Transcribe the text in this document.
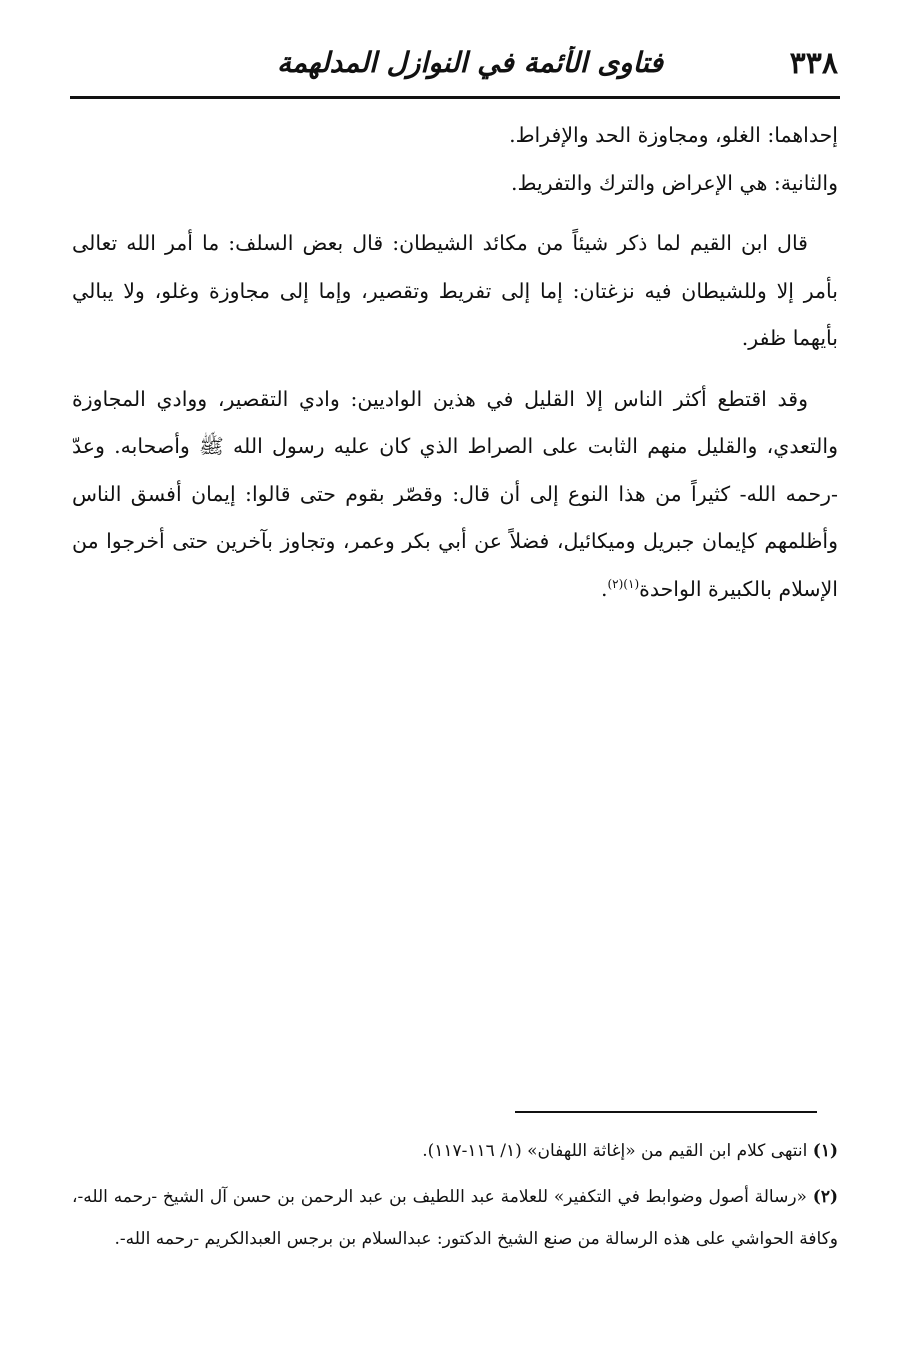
٣٣٨
فتاوى الأئمة في النوازل المدلهمة

إحداهما: الغلو، ومجاوزة الحد والإفراط.

والثانية: هي الإعراض والترك والتفريط.

قال ابن القيم لما ذكر شيئاً من مكائد الشيطان: قال بعض السلف: ما أمر الله تعالى بأمر إلا وللشيطان فيه نزغتان: إما إلى تفريط وتقصير، وإما إلى مجاوزة وغلو، ولا يبالي بأيهما ظفر.

وقد اقتطع أكثر الناس إلا القليل في هذين الواديين: وادي التقصير، ووادي المجاوزة والتعدي، والقليل منهم الثابت على الصراط الذي كان عليه رسول الله ﷺ وأصحابه. وعدّ -رحمه الله- كثيراً من هذا النوع إلى أن قال: وقصّر بقوم حتى قالوا: إيمان أفسق الناس وأظلمهم كإيمان جبريل وميكائيل، فضلاً عن أبي بكر وعمر، وتجاوز بآخرين حتى أخرجوا من الإسلام بالكبيرة الواحدة$^{(١)(٢)}$.

(١) انتهى كلام ابن القيم من «إغاثة اللهفان» (١/ ١١٦-١١٧).

(٢) «رسالة أصول وضوابط في التكفير» للعلامة عبد اللطيف بن عبد الرحمن بن حسن آل الشيخ -رحمه الله-، وكافة الحواشي على هذه الرسالة من صنع الشيخ الدكتور: عبدالسلام بن برجس العبدالكريم -رحمه الله-.
